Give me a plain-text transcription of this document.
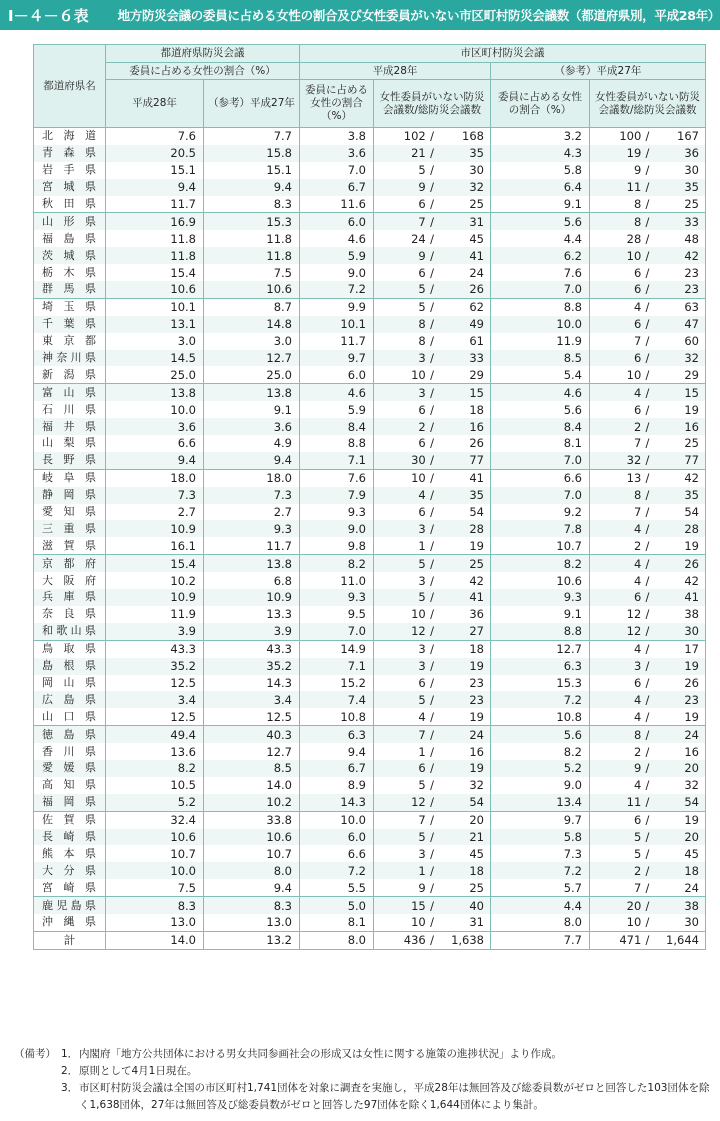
Ⅰ－４－６表	地方防災会議の委員に占める女性の割合及び女性委員がいない市区町村防災会議数（都道府県別，平成28年）
都道府県名	都道府県防災会議		市区町村防災会議			
	委員に占める女性の割合（%）		平成28年		（参考）平成27年	
	平成28年	（参考）平成27年	委員に占める女性の割合（%）	女性委員がいない防災会議数/総防災会議数	委員に占める女性の割合（%）	女性委員がいない防災会議数/総防災会議数
北海道	7.6	7.7	3.8	102 / 168	3.2	100 / 167

青森県	20.5	15.8	3.6	21 / 35	4.3	19 / 36

岩手県	15.1	15.1	7.0	5 / 30	5.8	9 / 30

宮城県	9.4	9.4	6.7	9 / 32	6.4	11 / 35

秋田県	11.7	8.3	11.6	6 / 25	9.1	8 / 25

山形県	16.9	15.3	6.0	7 / 31	5.6	8 / 33

福島県	11.8	11.8	4.6	24 / 45	4.4	28 / 48

茨城県	11.8	11.8	5.9	9 / 41	6.2	10 / 42

栃木県	15.4	7.5	9.0	6 / 24	7.6	6 / 23

群馬県	10.6	10.6	7.2	5 / 26	7.0	6 / 23

埼玉県	10.1	8.7	9.9	5 / 62	8.8	4 / 63

千葉県	13.1	14.8	10.1	8 / 49	10.0	6 / 47

東京都	3.0	3.0	11.7	8 / 61	11.9	7 / 60

神奈川県	14.5	12.7	9.7	3 / 33	8.5	6 / 32

新潟県	25.0	25.0	6.0	10 / 29	5.4	10 / 29

富山県	13.8	13.8	4.6	3 / 15	4.6	4 / 15

石川県	10.0	9.1	5.9	6 / 18	5.6	6 / 19

福井県	3.6	3.6	8.4	2 / 16	8.4	2 / 16

山梨県	6.6	4.9	8.8	6 / 26	8.1	7 / 25

長野県	9.4	9.4	7.1	30 / 77	7.0	32 / 77

岐阜県	18.0	18.0	7.6	10 / 41	6.6	13 / 42

静岡県	7.3	7.3	7.9	4 / 35	7.0	8 / 35

愛知県	2.7	2.7	9.3	6 / 54	9.2	7 / 54

三重県	10.9	9.3	9.0	3 / 28	7.8	4 / 28

滋賀県	16.1	11.7	9.8	1 / 19	10.7	2 / 19

京都府	15.4	13.8	8.2	5 / 25	8.2	4 / 26

大阪府	10.2	6.8	11.0	3 / 42	10.6	4 / 42

兵庫県	10.9	10.9	9.3	5 / 41	9.3	6 / 41

奈良県	11.9	13.3	9.5	10 / 36	9.1	12 / 38

和歌山県	3.9	3.9	7.0	12 / 27	8.8	12 / 30

鳥取県	43.3	43.3	14.9	3 / 18	12.7	4 / 17

島根県	35.2	35.2	7.1	3 / 19	6.3	3 / 19

岡山県	12.5	14.3	15.2	6 / 23	15.3	6 / 26

広島県	3.4	3.4	7.4	5 / 23	7.2	4 / 23

山口県	12.5	12.5	10.8	4 / 19	10.8	4 / 19

徳島県	49.4	40.3	6.3	7 / 24	5.6	8 / 24

香川県	13.6	12.7	9.4	1 / 16	8.2	2 / 16

愛媛県	8.2	8.5	6.7	6 / 19	5.2	9 / 20

高知県	10.5	14.0	8.9	5 / 32	9.0	4 / 32

福岡県	5.2	10.2	14.3	12 / 54	13.4	11 / 54

佐賀県	32.4	33.8	10.0	7 / 20	9.7	6 / 19

長崎県	10.6	10.6	6.0	5 / 21	5.8	5 / 20

熊本県	10.7	10.7	6.6	3 / 45	7.3	5 / 45

大分県	10.0	8.0	7.2	1 / 18	7.2	2 / 18

宮崎県	7.5	9.4	5.5	9 / 25	5.7	7 / 24

鹿児島県	8.3	8.3	5.0	15 / 40	4.4	20 / 38

沖縄県	13.0	13.0	8.1	10 / 31	8.0	10 / 30

計	14.0	13.2	8.0	436 / 1,638	7.7	471 / 1,644
（備考） 1． 内閣府「地方公共団体における男女共同参画社会の形成又は女性に関する施策の進捗状況」より作成。
2． 原則として4月1日現在。
3． 市区町村防災会議は全国の市区町村1,741団体を対象に調査を実施し，平成28年は無回答及び総委員数がゼロと回答した103団体を除く1,638団体，27年は無回答及び総委員数がゼロと回答した97団体を除く1,644団体により集計。
